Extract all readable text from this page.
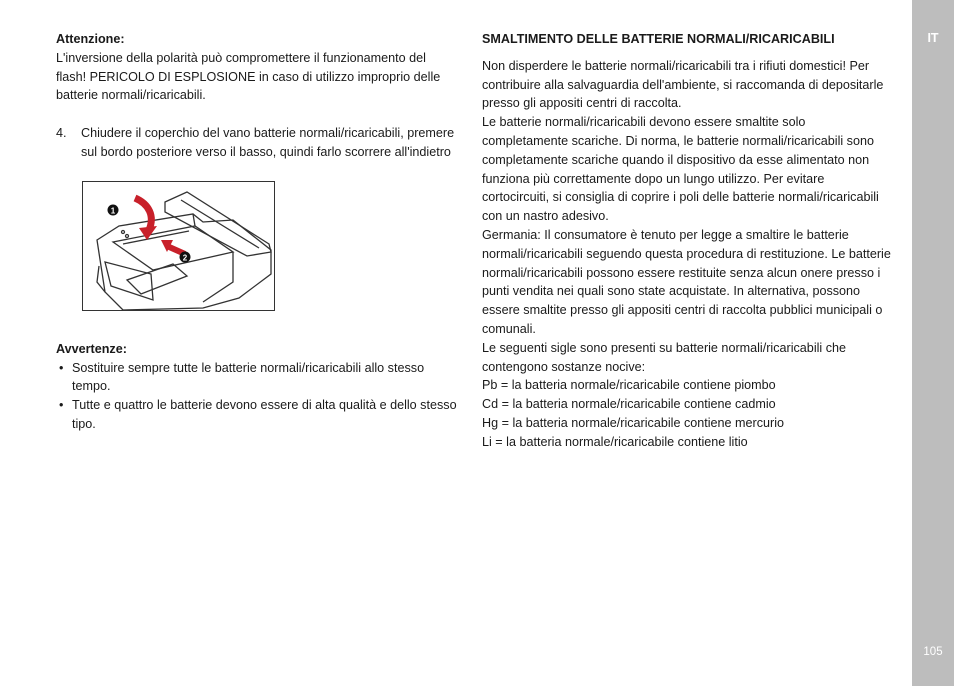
IT
105

Attenzione:

L'inversione della polarità può compromettere il funzionamento del flash! PERICOLO DI ESPLOSIONE in caso di utilizzo improprio delle batterie normali/ricaricabili.

4.	Chiudere il coperchio del vano batterie normali/ricaricabili, premere sul bordo posteriore verso il basso, quindi farlo scorrere all'indietro
1
2

Avvertenze:

• Sostituire sempre tutte le batterie normali/ricaricabili allo stesso tempo.
• Tutte e quattro le batterie devono essere di alta qualità e dello stesso tipo.

SMALTIMENTO DELLE BATTERIE NORMALI/RICARICABILI

Non disperdere le batterie normali/ricaricabili tra i rifiuti domestici! Per contribuire alla salvaguardia dell'ambiente, si raccomanda di depositarle presso gli appositi centri di raccolta.

Le batterie normali/ricaricabili devono essere smaltite solo completamente scariche. Di norma, le batterie normali/ricaricabili sono completamente scariche quando il dispositivo da esse alimentato non funziona più correttamente dopo un lungo utilizzo. Per evitare cortocircuiti, si consiglia di coprire i poli delle batterie normali/ricaricabili con un nastro adesivo.

Germania: Il consumatore è tenuto per legge a smaltire le batterie normali/ricaricabili seguendo questa procedura di restituzione. Le batterie normali/ricaricabili possono essere restituite senza alcun onere presso i punti vendita nei quali sono state acquistate. In alternativa, possono essere smaltite presso gli appositi centri di raccolta pubblici municipali o comunali.

Le seguenti sigle sono presenti su batterie normali/ricaricabili che contengono sostanze nocive:

Pb = la batteria normale/ricaricabile contiene piombo

Cd = la batteria normale/ricaricabile contiene cadmio

Hg = la batteria normale/ricaricabile contiene mercurio

Li = la batteria normale/ricaricabile contiene litio
